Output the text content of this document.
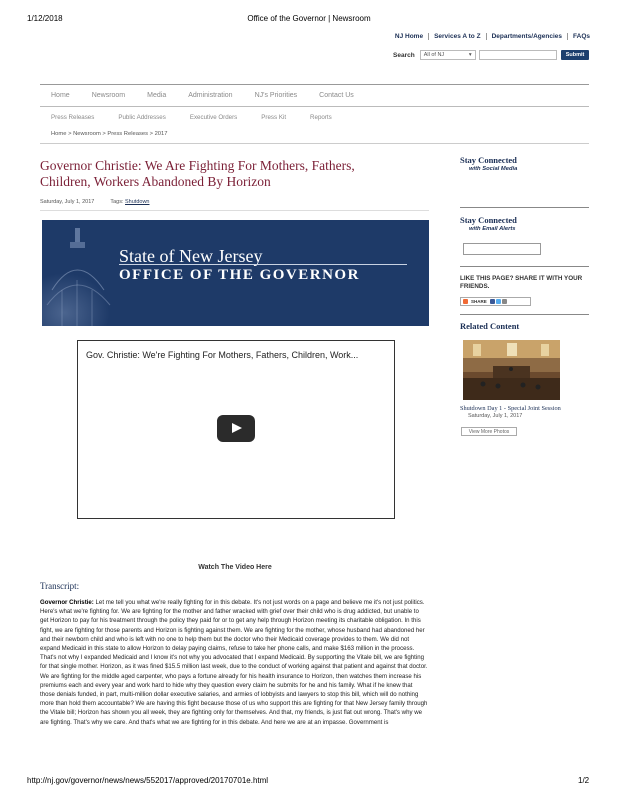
1/12/2018	Office of the Governor | Newsroom
http://nj.gov/governor/news/news/552017/approved/20170701e.html	1/2
NJ Home	Services A to Z	Departments/Agencies	FAQs
Search All of NJ	▾	Submit
Home	Newsroom	Media	Administration	NJ's Priorities	Contact Us
Press Releases	Public Addresses	Executive Orders	Press Kit	Reports
Home > Newsroom > Press Releases > 2017
Governor Christie: We Are Fighting For Mothers, Fathers, Children, Workers Abandoned By Horizon
Saturday, July 1, 2017	Tags: Shutdown
State of New Jersey
OFFICE OF THE GOVERNOR
Gov. Christie: We're Fighting For Mothers, Fathers, Children, Work...
Watch The Video Here
Transcript:
Governor Christie: Let me tell you what we're really fighting for in this debate. It's not just words on a page and believe me it's not just politics. Here's what we're fighting for. We are fighting for the mother and father wracked with grief over their child who is drug addicted, but unable to get Horizon to pay for his treatment through the policy they paid for or to get any help through Horizon meeting its charitable obligation. In this fight, we are fighting for those parents and Horizon is fighting against them. We are fighting for the mother, whose husband had abandoned her and their newborn child and who is left with no one to help them but the doctor who their Medicaid coverage provides to them. We did not expand Medicaid in this state to allow Horizon to delay paying claims, refuse to take her phone calls, and make $163 million in the process. That's not why I expanded Medicaid and I know it's not why you advocated that I expand Medicaid. By supporting the Vitale bill, we are fighting for that single mother. Horizon, as it was fined $15.5 million last week, due to the conduct of working against that patient and against that doctor. We are fighting for the middle aged carpenter, who pays a fortune already for his health insurance to Horizon, then watches them increase his premiums each and every year and work hard to hide why they question every claim he submits for he and his family. What if he knew that those denials funded, in part, multi-million dollar executive salaries, and armies of lobbyists and lawyers to stop this bill, which will do nothing more than hold them accountable? We are having this fight because those of us who support this are fighting for that New Jersey family through the Vitale bill; Horizon has shown you all week, they are fighting only for themselves. And that, my friends, is just flat out wrong. That's why we are fighting. That's why we care. And that's what we are fighting for in this debate. And here we are at an impasse. Government is
Stay Connected
with Social Media
Stay Connected
with Email Alerts
LIKE THIS PAGE? SHARE IT WITH YOUR FRIENDS.
SHARE
Related Content
Shutdown Day 1 - Special Joint Session
Saturday, July 1, 2017
View More Photos
